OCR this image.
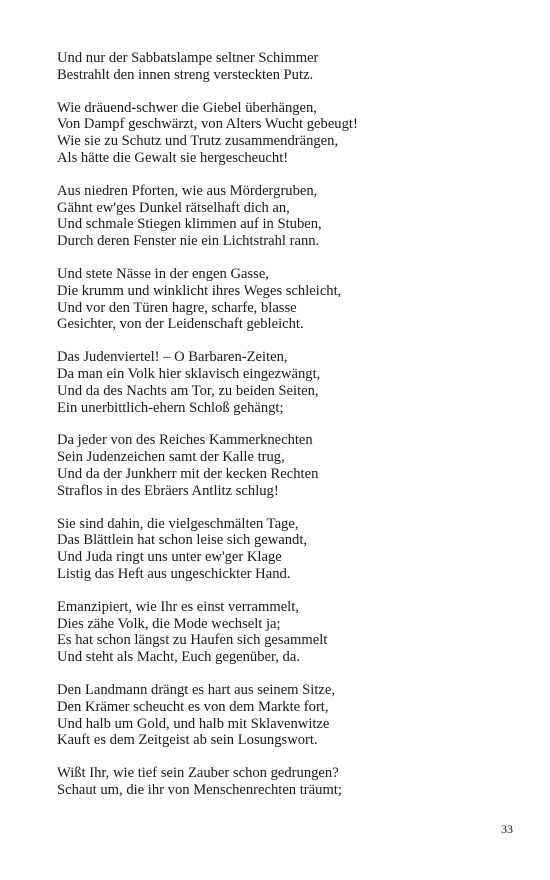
Und nur der Sabbatslampe seltner Schimmer
Bestrahlt den innen streng versteckten Putz.
Wie dräuend-schwer die Giebel überhängen,
Von Dampf geschwärzt, von Alters Wucht gebeugt!
Wie sie zu Schutz und Trutz zusammendrängen,
Als hätte die Gewalt sie hergescheucht!
Aus niedren Pforten, wie aus Mördergruben,
Gähnt ew'ges Dunkel rätselhaft dich an,
Und schmale Stiegen klimmen auf in Stuben,
Durch deren Fenster nie ein Lichtstrahl rann.
Und stete Nässe in der engen Gasse,
Die krumm und winklicht ihres Weges schleicht,
Und vor den Türen hagre, scharfe, blasse
Gesichter, von der Leidenschaft gebleicht.
Das Judenviertel! – O Barbaren-Zeiten,
Da man ein Volk hier sklavisch eingezwängt,
Und da des Nachts am Tor, zu beiden Seiten,
Ein unerbittlich-ehern Schloß gehängt;
Da jeder von des Reiches Kammerknechten
Sein Judenzeichen samt der Kalle trug,
Und da der Junkherr mit der kecken Rechten
Straflos in des Ebräers Antlitz schlug!
Sie sind dahin, die vielgeschmälten Tage,
Das Blättlein hat schon leise sich gewandt,
Und Juda ringt uns unter ew'ger Klage
Listig das Heft aus ungeschickter Hand.
Emanzipiert, wie Ihr es einst verrammelt,
Dies zähe Volk, die Mode wechselt ja;
Es hat schon längst zu Haufen sich gesammelt
Und steht als Macht, Euch gegenüber, da.
Den Landmann drängt es hart aus seinem Sitze,
Den Krämer scheucht es von dem Markte fort,
Und halb um Gold, und halb mit Sklavenwitze
Kauft es dem Zeitgeist ab sein Losungswort.
Wißt Ihr, wie tief sein Zauber schon gedrungen?
Schaut um, die ihr von Menschenrechten träumt;
33
